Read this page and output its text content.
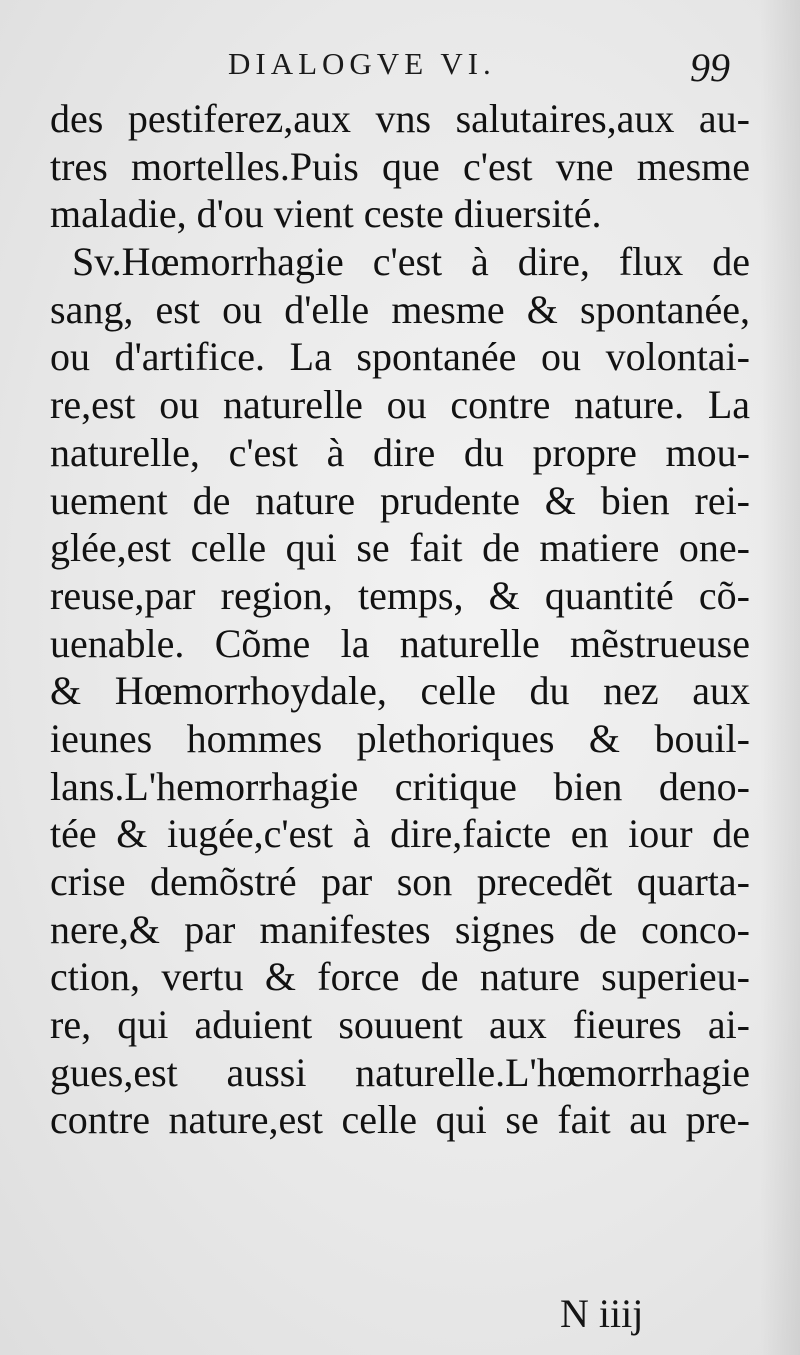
DIALOGVE VI.	99
des pestiferez,aux vns salutaires,aux au-
tres mortelles.Puis que c'est vne mesme
maladie, d'ou vient ceste diuersité.
Sv.Hœmorrhagie c'est à dire, flux de
sang, est ou d'elle mesme & spontanée,
ou d'artifice. La spontanée ou volontai-
re,est ou naturelle ou contre nature. La
naturelle, c'est à dire du propre mou-
uement de nature prudente & bien rei-
glée,est celle qui se fait de matiere one-
reuse,par region, temps, & quantité cõ-
uenable. Cõme la naturelle mẽstrueuse
& Hœmorrhoydale, celle du nez aux
ieunes hommes plethoriques & bouil-
lans.L'hemorrhagie critique bien deno-
tée & iugée,c'est à dire,faicte en iour de
crise demõstré par son precedẽt quarta-
nere,& par manifestes signes de conco-
ction, vertu & force de nature superieu-
re, qui aduient souuent aux fieures ai-
gues,est aussi naturelle.L'hœmorrhagie
contre nature,est celle qui se fait au pre-
N iiij
